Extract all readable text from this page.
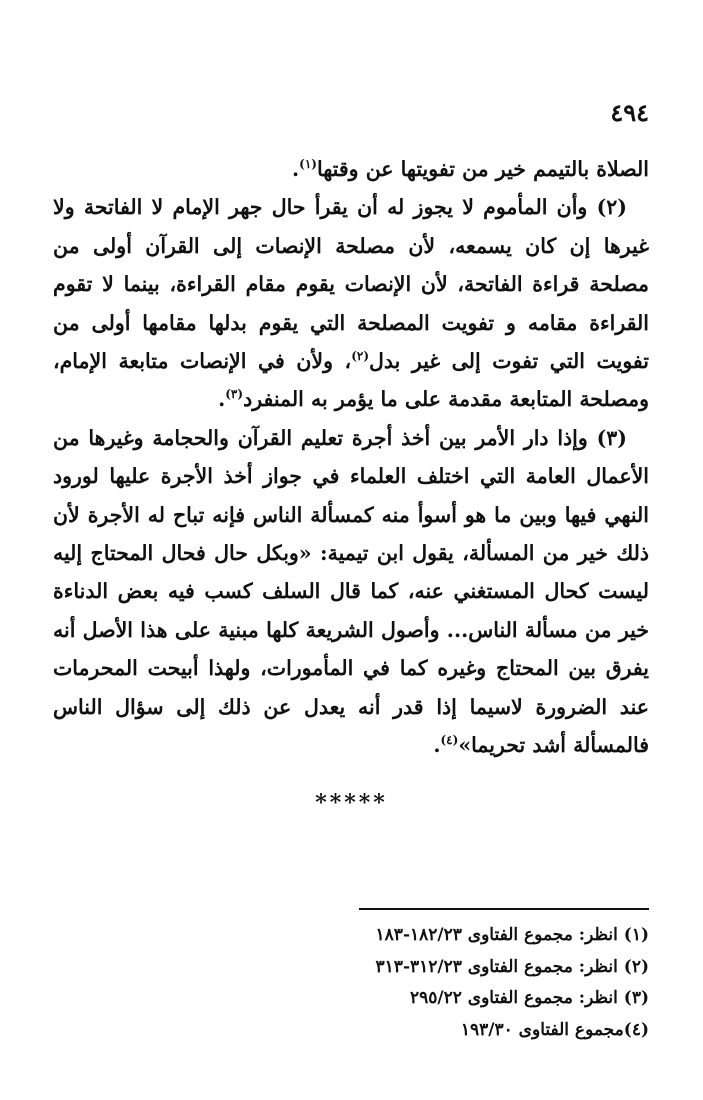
٤٩٤

الصلاة بالتيمم خير من تفويتها عن وقتها$^{(١)}$.

(٢) وأن المأموم لا يجوز له أن يقرأ حال جهر الإمام لا الفاتحة ولا غيرها إن كان يسمعه، لأن مصلحة الإنصات إلى القرآن أولى من مصلحة قراءة الفاتحة، لأن الإنصات يقوم مقام القراءة، بينما لا تقوم القراءة مقامه و تفويت المصلحة التي يقوم بدلها مقامها أولى من تفويت التي تفوت إلى غير بدل$^{(٢)}$، ولأن في الإنصات متابعة الإمام، ومصلحة المتابعة مقدمة على ما يؤمر به المنفرد$^{(٣)}$.

(٣) وإذا دار الأمر بين أخذ أجرة تعليم القرآن والحجامة وغيرها من الأعمال العامة التي اختلف العلماء في جواز أخذ الأجرة عليها لورود النهي فيها وبين ما هو أسوأ منه كمسألة الناس فإنه تباح له الأجرة لأن ذلك خير من المسألة، يقول ابن تيمية: «وبكل حال فحال المحتاج إليه ليست كحال المستغني عنه، كما قال السلف كسب فيه بعض الدناءة خير من مسألة الناس... وأصول الشريعة كلها مبنية على هذا الأصل أنه يفرق بين المحتاج وغيره كما في المأمورات، ولهذا أبيحت المحرمات عند الضرورة لاسيما إذا قدر أنه يعدل عن ذلك إلى سؤال الناس فالمسألة أشد تحريما»$^{(٤)}$.

*****
(١) انظر: مجموع الفتاوى ١٨٢/٢٣-١٨٣
(٢) انظر: مجموع الفتاوى ٣١٢/٢٣-٣١٣
(٣) انظر: مجموع الفتاوى ٢٩٥/٢٢
(٤)مجموع الفتاوى ١٩٣/٣٠
